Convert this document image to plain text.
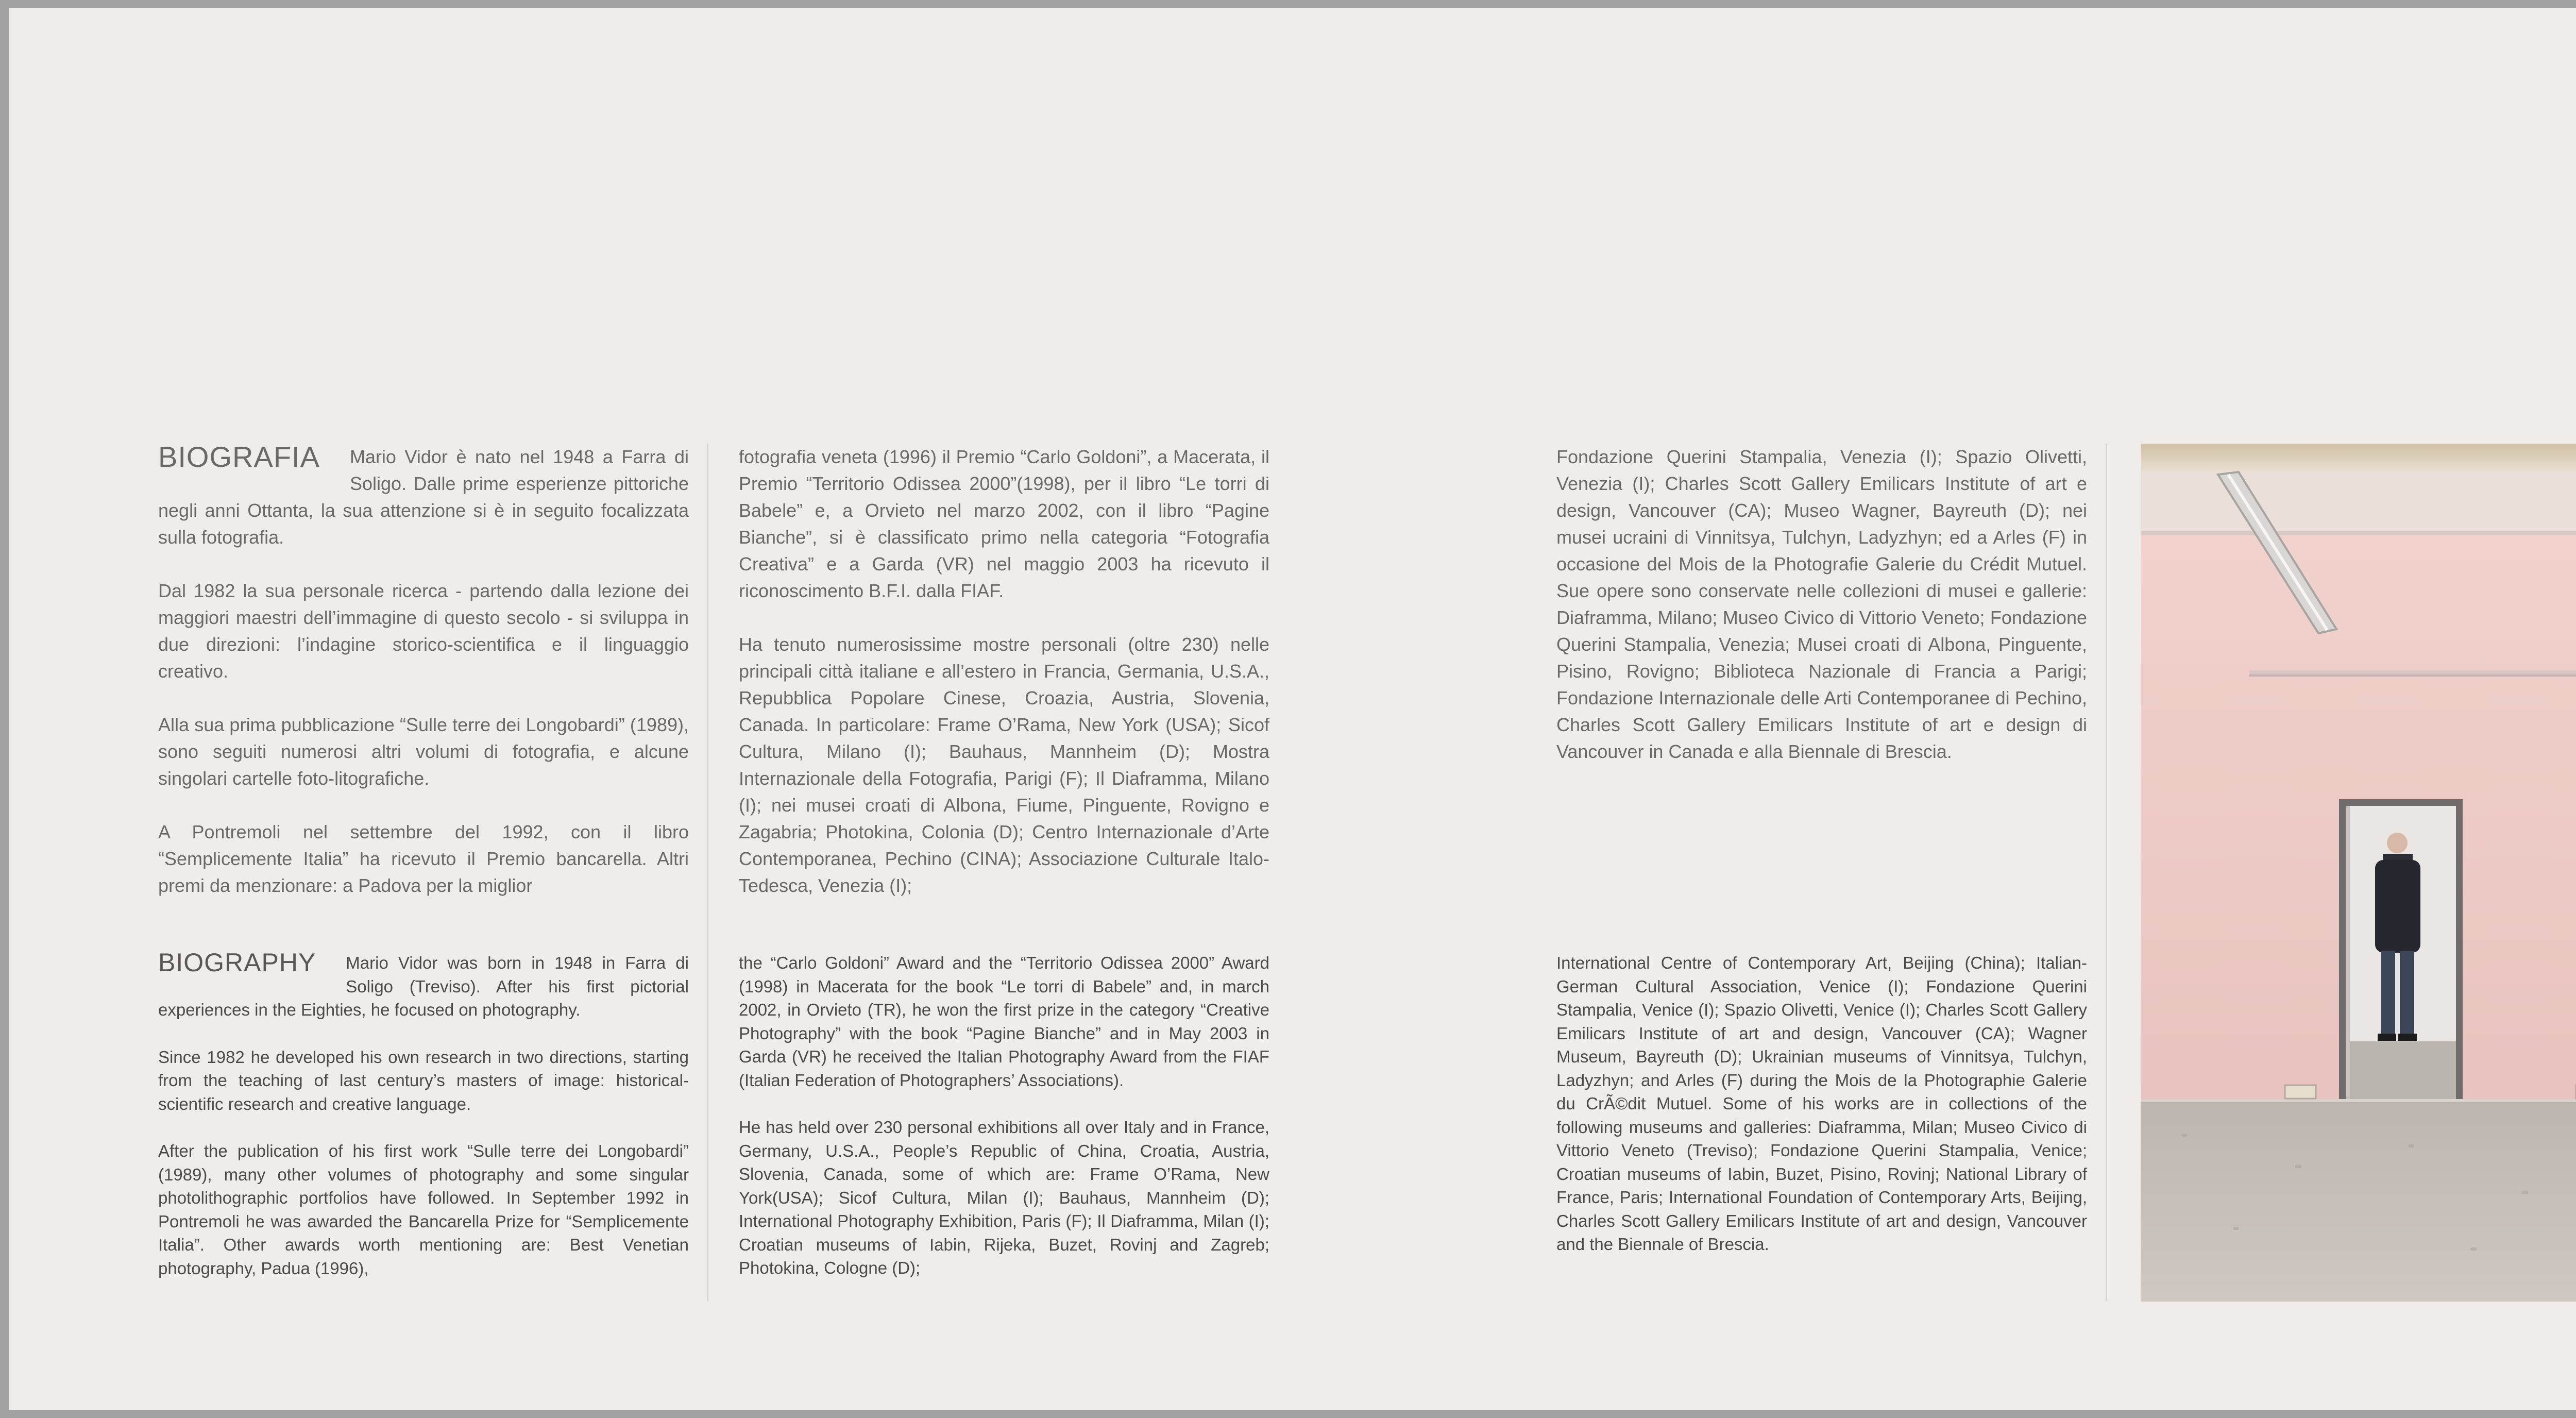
BIOGRAFIA	Mario Vidor è nato nel 1948 a Farra di Soligo. Dalle prime esperienze pittoriche negli anni Ottanta, la sua attenzione si è in seguito focalizzata sulla fotografia.

Dal 1982 la sua personale ricerca - partendo dalla lezione dei maggiori maestri dell’immagine di questo secolo - si sviluppa in due direzioni: l’indagine storico-scientifica e il linguaggio creativo.

Alla sua prima pubblicazione “Sulle terre dei Longobardi” (1989), sono seguiti numerosi altri volumi di fotografia, e alcune singolari cartelle foto-litografiche.

A Pontremoli nel settembre del 1992, con il libro “Semplicemente Italia” ha ricevuto il Premio bancarella. Altri premi da menzionare: a Padova per la miglior

fotografia veneta (1996) il Premio “Carlo Goldoni”, a Macerata, il Premio “Territorio Odissea 2000”(1998), per il libro “Le torri di Babele” e, a Orvieto nel marzo 2002, con il libro “Pagine Bianche”, si è classificato primo nella categoria “Fotografia Creativa” e a Garda (VR) nel maggio 2003 ha ricevuto il riconoscimento B.F.I. dalla FIAF.

Ha tenuto numerosissime mostre personali (oltre 230) nelle principali città italiane e all’estero in Francia, Germania, U.S.A., Repubblica Popolare Cinese, Croazia, Austria, Slovenia, Canada. In particolare: Frame O’Rama, New York (USA); Sicof Cultura, Milano (I); Bauhaus, Mannheim (D); Mostra Internazionale della Fotografia, Parigi (F); Il Diaframma, Milano (I); nei musei croati di Albona, Fiume, Pinguente, Rovigno e Zagabria; Photokina, Colonia (D); Centro Internazionale d’Arte Contemporanea, Pechino (CINA); Associazione Culturale Italo-Tedesca, Venezia (I);

Fondazione Querini Stampalia, Venezia (I); Spazio Olivetti, Venezia (I); Charles Scott Gallery Emilicars Institute of art e design, Vancouver (CA); Museo Wagner, Bayreuth (D); nei musei ucraini di Vinnitsya, Tulchyn, Ladyzhyn; ed a Arles (F) in occasione del Mois de la Photografie Galerie du Crédit Mutuel. Sue opere sono conservate nelle collezioni di musei e gallerie: Diaframma, Milano; Museo Civico di Vittorio Veneto; Fondazione Querini Stampalia, Venezia; Musei croati di Albona, Pinguente, Pisino, Rovigno; Biblioteca Nazionale di Francia a Parigi; Fondazione Internazionale delle Arti Contemporanee di Pechino, Charles Scott Gallery Emilicars Institute of art e design di Vancouver in Canada e alla Biennale di Brescia.

BIOGRAPHY	Mario Vidor was born in 1948 in Farra di Soligo (Treviso). After his first pictorial experiences in the Eighties, he focused on photography.

Since 1982 he developed his own research in two directions, starting from the teaching of last century’s masters of image: historical-scientific research and creative language.

After the publication of his first work “Sulle terre dei Longobardi” (1989), many other volumes of photography and some singular photolithographic portfolios have followed. In September 1992 in Pontremoli he was awarded the Bancarella Prize for “Semplicemente Italia”. Other awards worth mentioning are: Best Venetian photography, Padua (1996),

the “Carlo Goldoni” Award and the “Territorio Odissea 2000” Award (1998) in Macerata for the book “Le torri di Babele” and, in march 2002, in Orvieto (TR), he won the first prize in the category “Creative Photography” with the book “Pagine Bianche” and in May 2003 in Garda (VR) he received the Italian Photography Award from the FIAF (Italian Federation of Photographers’ Associations).

He has held over 230 personal exhibitions all over Italy and in France, Germany, U.S.A., People’s Republic of China, Croatia, Austria, Slovenia, Canada, some of which are: Frame O’Rama, New York(USA); Sicof Cultura, Milan (I); Bauhaus, Mannheim (D); International Photography Exhibition, Paris (F); Il Diaframma, Milan (I); Croatian museums of Iabin, Rijeka, Buzet, Rovinj and Zagreb; Photokina, Cologne (D);

International Centre of Contemporary Art, Beijing (China); Italian-German Cultural Association, Venice (I); Fondazione Querini Stampalia, Venice (I); Spazio Olivetti, Venice (I); Charles Scott Gallery Emilicars Institute of art and design, Vancouver (CA); Wagner Museum, Bayreuth (D); Ukrainian museums of Vinnitsya, Tulchyn, Ladyzhyn; and Arles (F) during the Mois de la Photographie Galerie du CrÃ©dit Mutuel. Some of his works are in collections of the following museums and galleries: Diaframma, Milan; Museo Civico di Vittorio Veneto (Treviso); Fondazione Querini Stampalia, Venice; Croatian museums of Iabin, Buzet, Pisino, Rovinj; National Library of France, Paris; International Foundation of Contemporary Arts, Beijing, Charles Scott Gallery Emilicars Institute of art and design, Vancouver and the Biennale of Brescia.
